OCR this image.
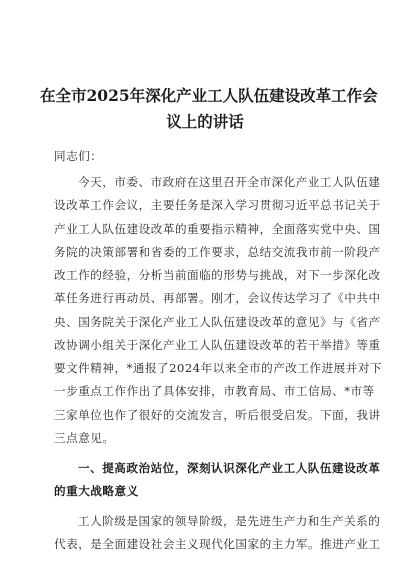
在全市2025年深化产业工人队伍建设改革工作会
议上的讲话

同志们：

今天，市委、市政府在这里召开全市深化产业工人队伍建

设改革工作会议，主要任务是深入学习贯彻习近平总书记关于

产业工人队伍建设改革的重要指示精神，全面落实党中央、国

务院的决策部署和省委的工作要求，总结交流我市前一阶段产

改工作的经验，分析当前面临的形势与挑战，对下一步深化改

革任务进行再动员、再部署。刚才，会议传达学习了《中共中

央、国务院关于深化产业工人队伍建设改革的意见》与《省产

改协调小组关于深化产业工人队伍建设改革的若干举措》等重

要文件精神，*通报了2024年以来全市的产改工作进展并对下

一步重点工作作出了具体安排，市教育局、市工信局、*市等

三家单位也作了很好的交流发言，听后很受启发。下面，我讲

三点意见。

一、提高政治站位，深刻认识深化产业工人队伍建设改革

的重大战略意义

工人阶级是国家的领导阶级，是先进生产力和生产关系的

代表，是全面建设社会主义现代化国家的主力军。推进产业工
